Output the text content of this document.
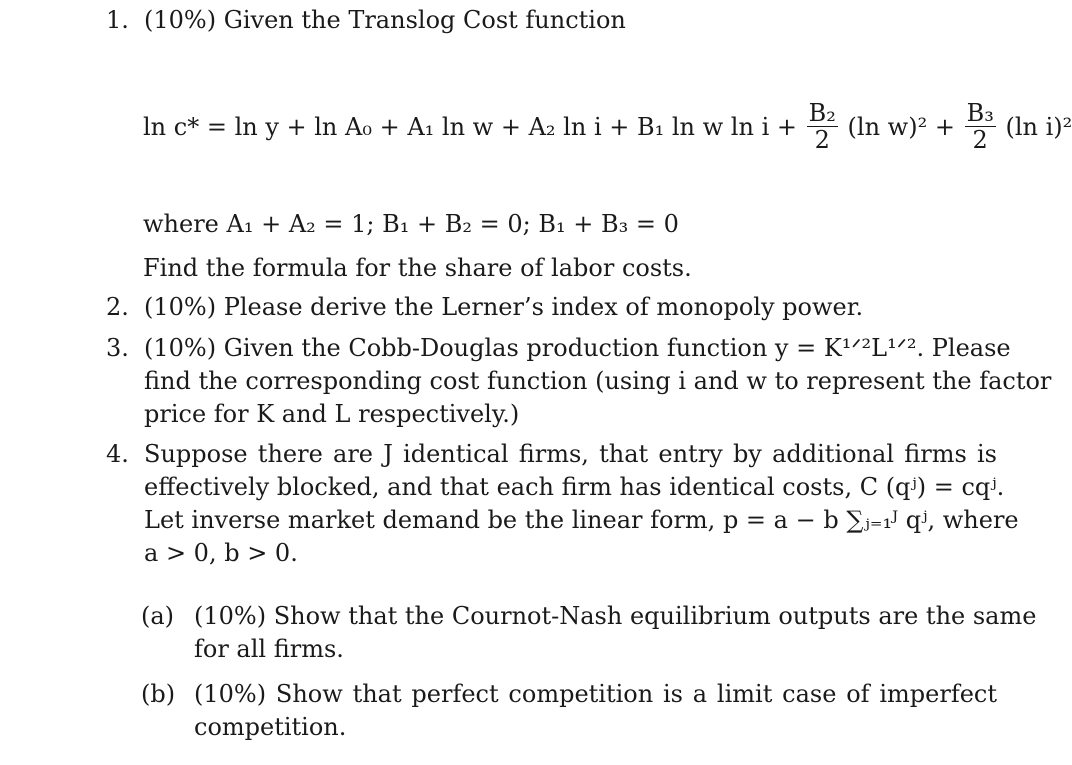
1. (10%) Given the Translog Cost function
ln c* = ln y + ln A₀ + A₁ ln w + A₂ ln i + B₁ ln w $\ln i + \frac{\text{B₂}}{2} (\ln$ $w)^2 + \frac{\text{B₃}}{2} (\ln$ i)²
where A₁ + A₂ = 1; B₁ + B₂ = 0; B₁ + B₃ = 0
Find the formula for the share of labor costs.
2. (10%) Please derive the Lerner’s index of monopoly power.
3. (10%) Given the Cobb-Douglas production function y = K¹ᐟ²L¹ᐟ². Please
find the corresponding cost function (using i and w to represent the factor
price for K and L respectively.)
4. Suppose there are J identical firms, that entry by additional firms is
effectively blocked, and that each firm has identical costs, C (qʲ) = cqʲ.
Let inverse market demand be the linear form, p = a − b ∑ⱼ₌₁ᴶ qʲ, where
a > 0, b > 0.
(a) (10%) Show that the Cournot-Nash equilibrium outputs are the same
for all firms.
(b) (10%) Show that perfect competition is a limit case of imperfect
competition.
